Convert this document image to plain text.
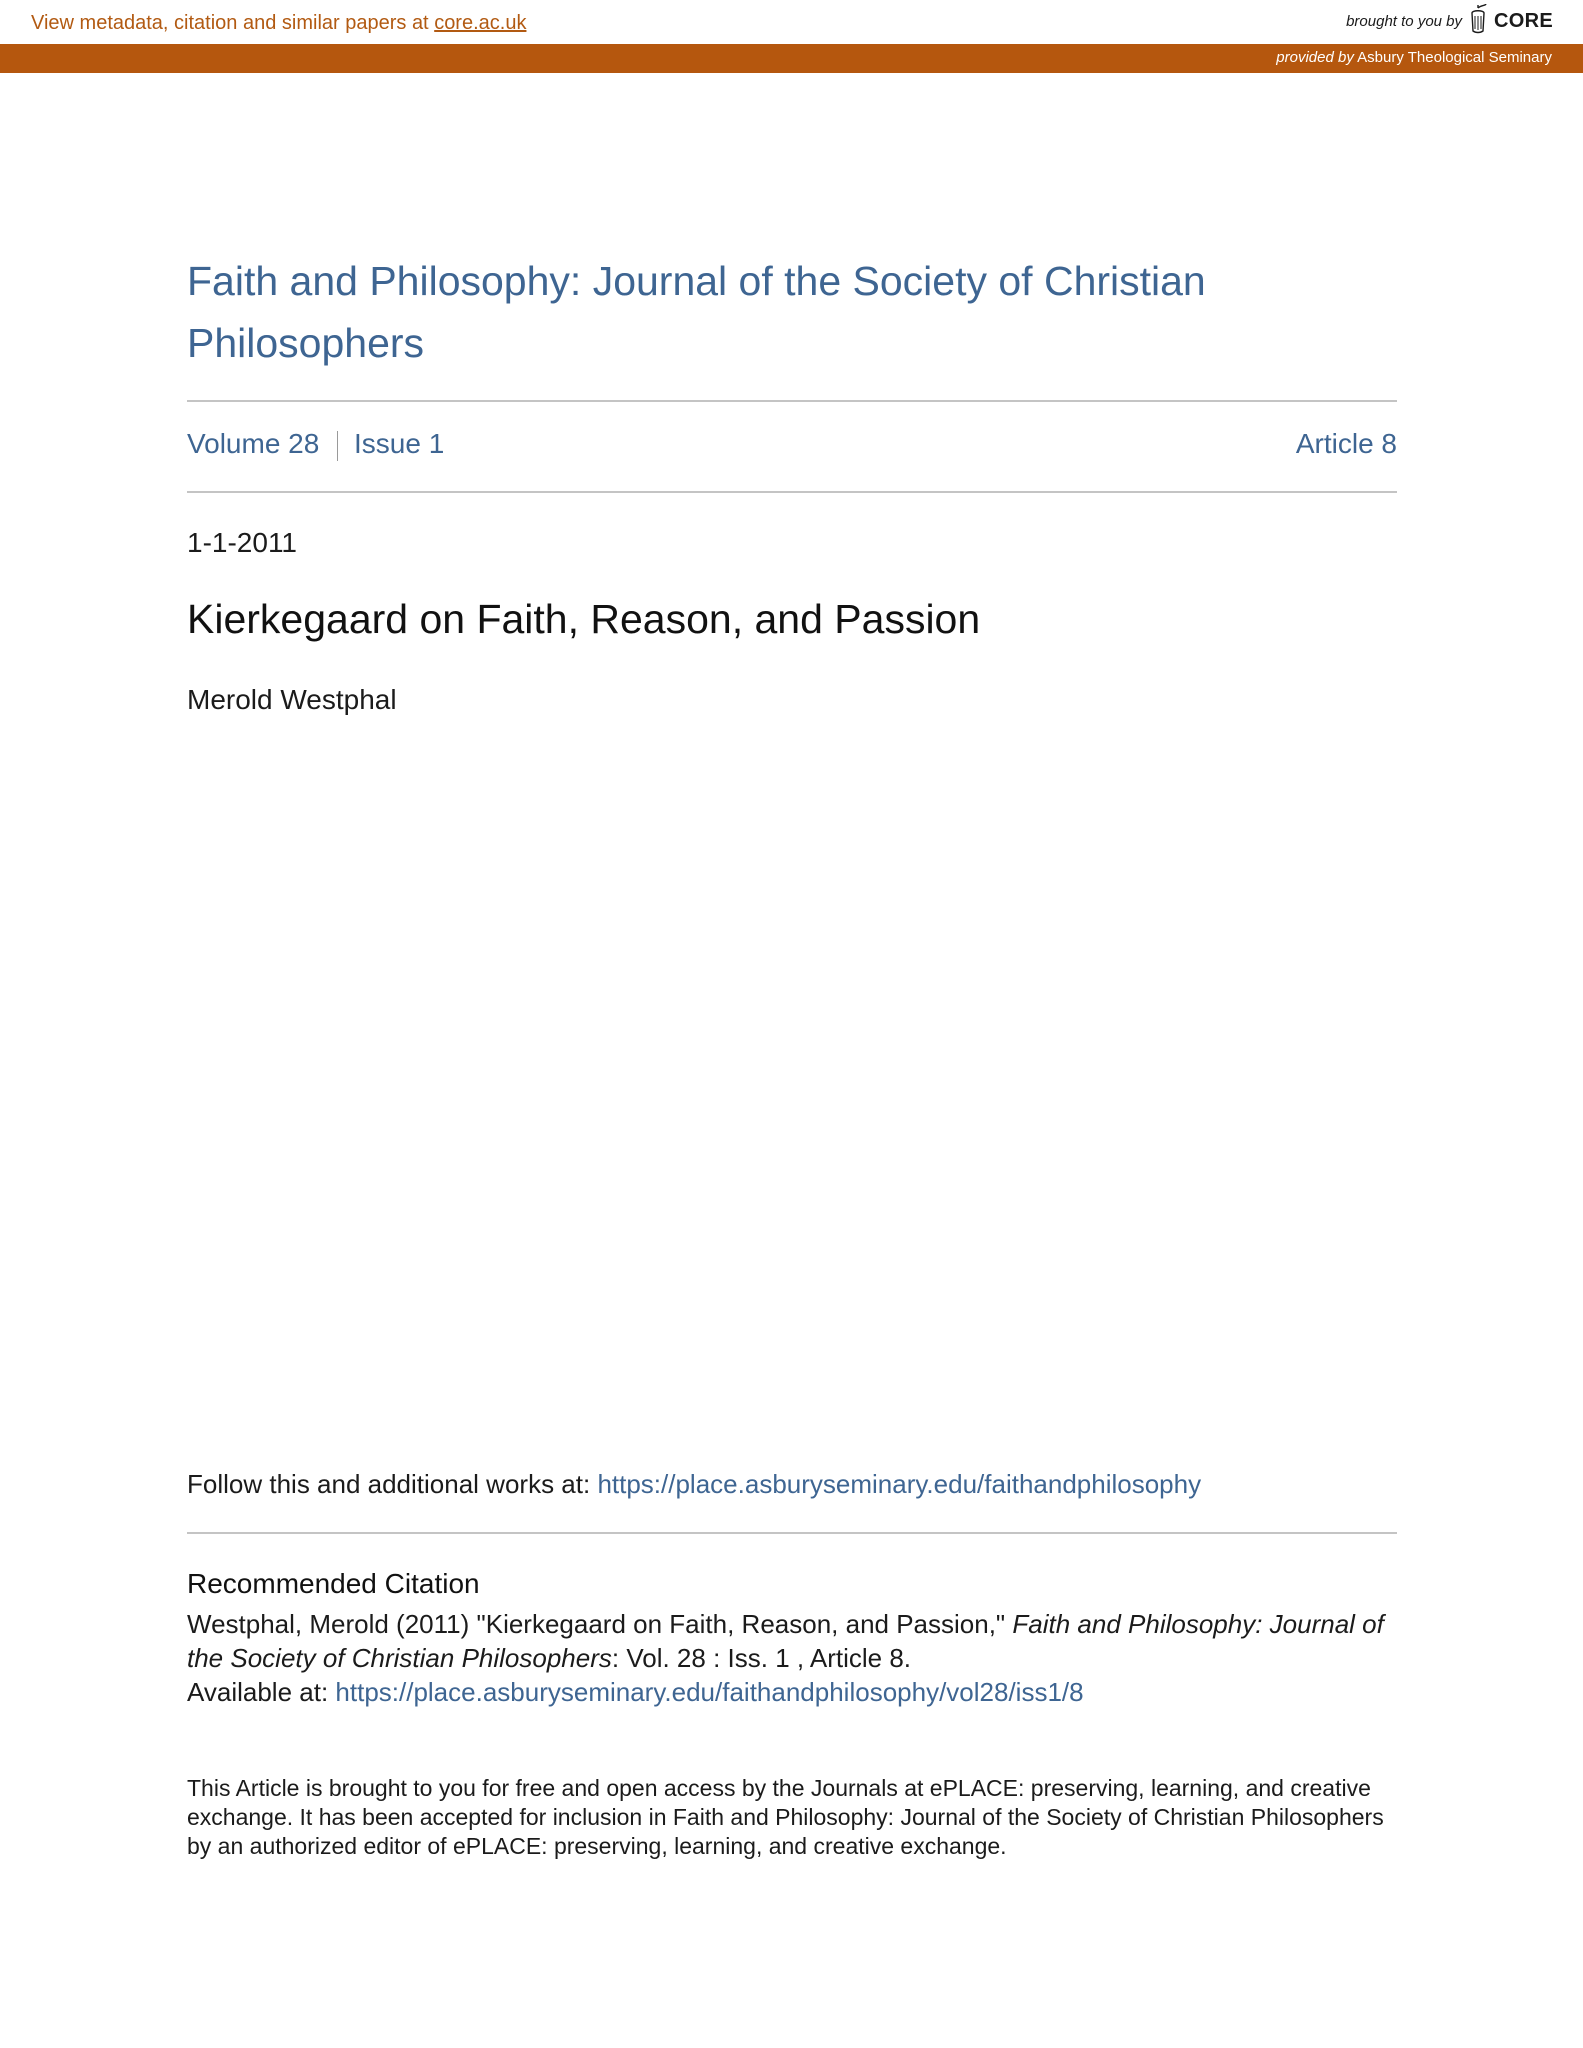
View metadata, citation and similar papers at core.ac.uk	brought to you by CORE
provided by Asbury Theological Seminary
Faith and Philosophy: Journal of the Society of Christian Philosophers
Volume 28 Issue 1	Article 8
1-1-2011
Kierkegaard on Faith, Reason, and Passion
Merold Westphal
Follow this and additional works at: https://place.asburyseminary.edu/faithandphilosophy
Recommended Citation
Westphal, Merold (2011) "Kierkegaard on Faith, Reason, and Passion," Faith and Philosophy: Journal of the Society of Christian Philosophers: Vol. 28 : Iss. 1 , Article 8.
Available at: https://place.asburyseminary.edu/faithandphilosophy/vol28/iss1/8
This Article is brought to you for free and open access by the Journals at ePLACE: preserving, learning, and creative exchange. It has been accepted for inclusion in Faith and Philosophy: Journal of the Society of Christian Philosophers by an authorized editor of ePLACE: preserving, learning, and creative exchange.
